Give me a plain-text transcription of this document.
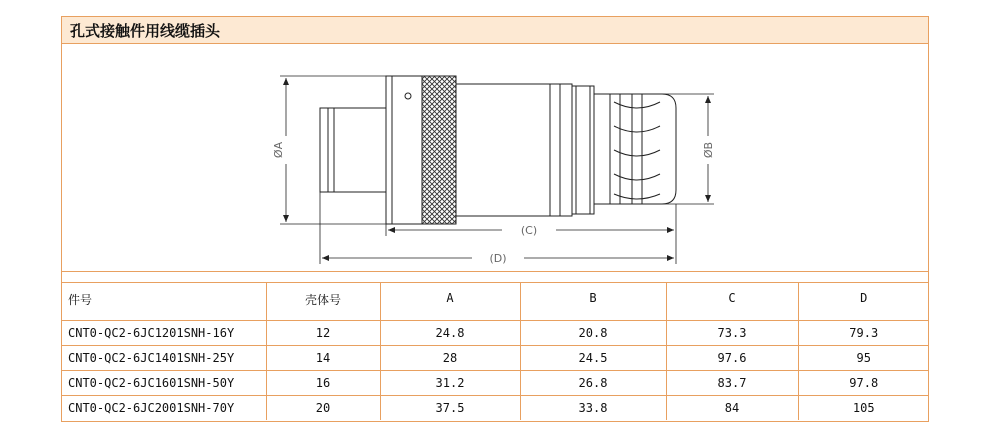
孔式接触件用线缆插头
ØA	ØB
(C)
(D)
件号	壳体号	A	B	C	D
CNT0-QC2-6JC1201SNH-16Y	12	24.8	20.8	73.3	79.3
CNT0-QC2-6JC1401SNH-25Y	14	28	24.5	97.6	95
CNT0-QC2-6JC1601SNH-50Y	16	31.2	26.8	83.7	97.8
CNT0-QC2-6JC2001SNH-70Y	20	37.5	33.8	84	105
